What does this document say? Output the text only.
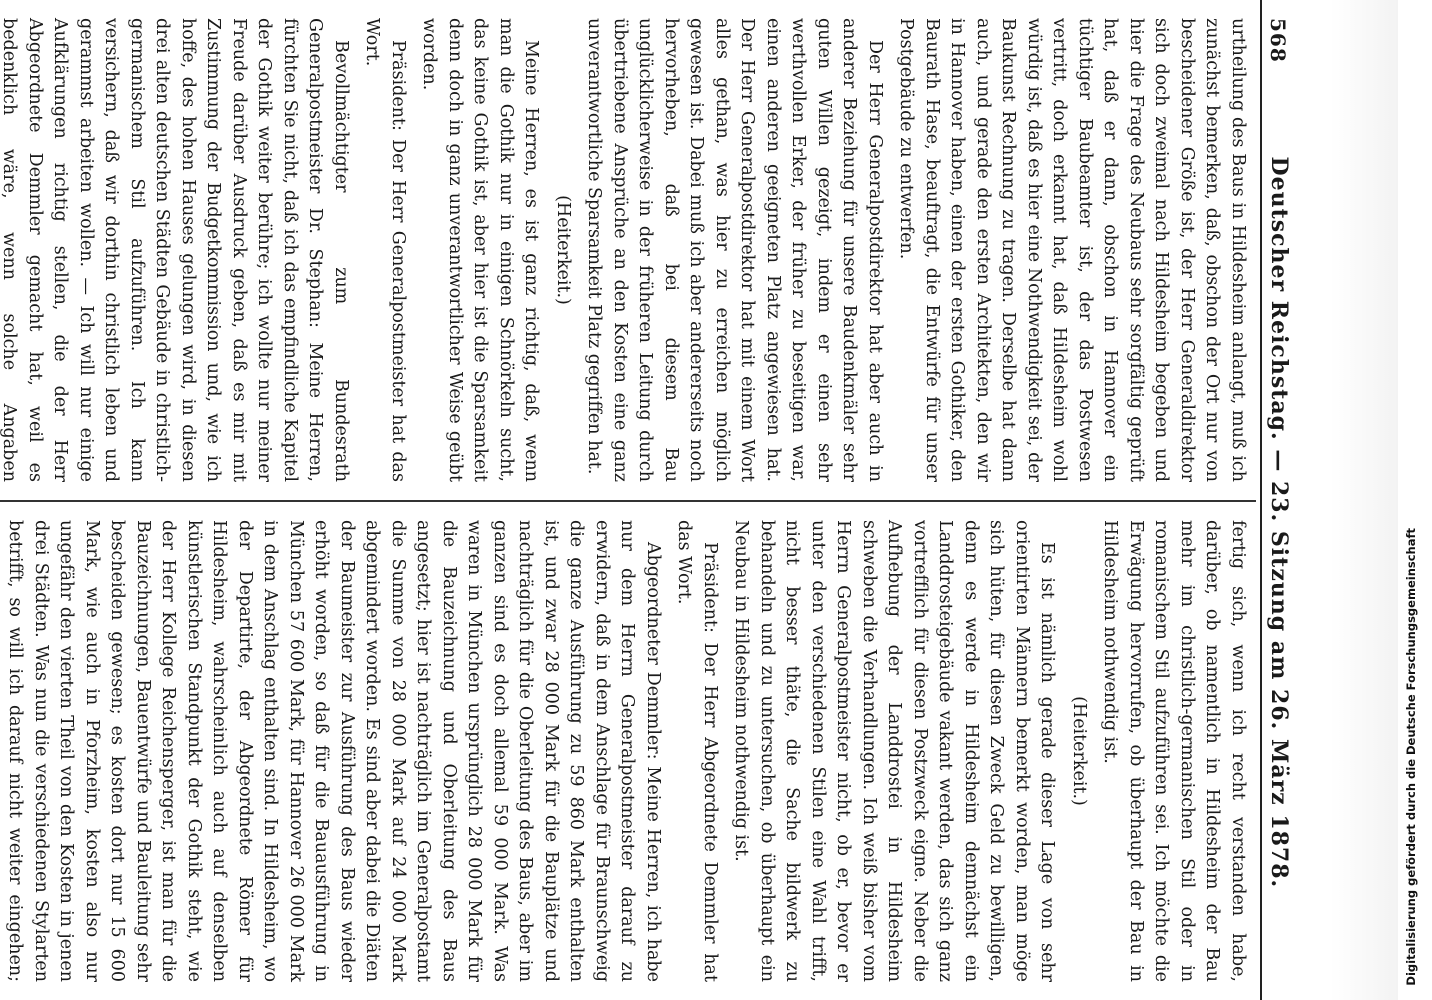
568
Deutscher Reichstag. — 23. Sitzung am 26. März 1878.

urtheilung des Baus in Hildesheim anlangt, muß ich zunächst bemerken, daß, obschon der Ort nur von bescheidener Größe ist, der Herr Generaldirektor sich doch zweimal nach Hildesheim begeben und hier die Frage des Neubaus sehr sorgfältig geprüft hat, daß er dann, obschon in Hannover ein tüchtiger Baubeamter ist, der das Postwesen vertritt, doch erkannt hat, daß Hildesheim wohl würdig ist, daß es hier eine Nothwendigkeit sei, der Baukunst Rechnung zu tragen. Derselbe hat dann auch, und gerade den ersten Architekten, den wir in Hannover haben, einen der ersten Gothiker, den Baurath Hase, beauftragt, die Entwürfe für unser Postgebäude zu entwerfen.

Der Herr Generalpostdirektor hat aber auch in anderer Beziehung für unsere Baudenkmäler sehr guten Willen gezeigt, indem er einen sehr werthvollen Erker, der früher zu beseitigen war, einen anderen geeigneten Platz angewiesen hat. Der Herr Generalpostdirektor hat mit einem Wort alles gethan, was hier zu erreichen möglich gewesen ist. Dabei muß ich aber andererseits noch hervorheben, daß bei diesem Bau unglücklicherweise in der früheren Leitung durch übertriebene Ansprüche an den Kosten eine ganz unverantwortliche Sparsamkeit Platz gegriffen hat.

(Heiterkeit.)

Meine Herren, es ist ganz richtig, daß, wenn man die Gothik nur in einigen Schnörkeln sucht, das keine Gothik ist, aber hier ist die Sparsamkeit denn doch in ganz unverantwortlicher Weise geübt worden.

Präsident: Der Herr Generalpostmeister hat das Wort.

Bevollmächtigter zum Bundesrath Generalpostmeister Dr. Stephan: Meine Herren, fürchten Sie nicht, daß ich das empfindliche Kapitel der Gothik weiter berühre; ich wollte nur meiner Freude darüber Ausdruck geben, daß es mir mit Zustimmung der Budgetkommission und, wie ich hoffe, des hohen Hauses gelungen wird, in diesen drei alten deutschen Städten Gebäude in christlich-germanischem Stil aufzuführen. Ich kann versichern, daß wir dorthin christlich leben und gerammst arbeiten wollen. — Ich will nur einige Aufklärungen richtig stellen, die der Herr Abgeordnete Demmler gemacht hat, weil es bedenklich wäre, wenn solche Angaben

fertig sich, wenn ich recht verstanden habe, darüber, ob namentlich in Hildesheim der Bau mehr im christlich-germanischen Stil oder in romanischem Stil aufzuführen sei. Ich möchte die Erwägung hervorrufen, ob überhaupt der Bau in Hildesheim nothwendig ist.

(Heiterkeit.)

Es ist nämlich gerade dieser Lage von sehr orientirten Männern bemerkt worden, man möge sich hüten, für diesen Zweck Geld zu bewilligen, denn es werde in Hildesheim demnächst ein Landdrosteigebäude vakant werden, das sich ganz vortrefflich für diesen Postzweck eigne. Neber die Aufhebung der Landdrostei in Hildesheim schweben die Verhandlungen. Ich weiß bisher vom Herrn Generalpostmeister nicht, ob er, bevor er unter den verschiedenen Stilen eine Wahl trifft, nicht besser thäte, die Sache bildwerk zu behandeln und zu untersuchen, ob überhaupt ein Neubau in Hildesheim nothwendig ist.

Präsident: Der Herr Abgeordnete Demmler hat das Wort.

Abgeordneter Demmler: Meine Herren, ich habe nur dem Herrn Generalpostmeister darauf zu erwidern, daß in dem Anschlage für Braunschweig die ganze Ausführung zu 59 860 Mark enthalten ist, und zwar 28 000 Mark für die Bauplätze und nachträglich für die Oberleitung des Baus, aber im ganzen sind es doch allemal 59 000 Mark. Was waren in München ursprünglich 28 000 Mark für die Bauzeichnung und Oberleitung des Baus angesetzt; hier ist nachträglich im Generalpostamt die Summe von 28 000 Mark auf 24 000 Mark abgemindert worden. Es sind aber dabei die Diäten der Baumeister zur Ausführung des Baus wieder erhöht worden, so daß für die Bauausführung in München 57 600 Mark, für Hannover 26 000 Mark in dem Anschlag enthalten sind. In Hildesheim, wo der Departirte, der Abgeordnete Römer für Hildesheim, wahrscheinlich auch auf denselben künstlerischen Standpunkt der Gothik steht, wie der Herr Kollege Reichensperger, ist man für die Bauzeichnungen, Bauentwürfe und Bauleitung sehr bescheiden gewesen; es kosten dort nur 15 600 Mark, wie auch in Pforzheim, kosten also nur ungefähr den vierten Theil von den Kosten in jenen drei Städten. Was nun die verschiedenen Stylarten betrifft, so will ich darauf nicht weiter eingehen;	Digitalisierung gefördert durch die Deutsche Forschungsgemeinschaft
